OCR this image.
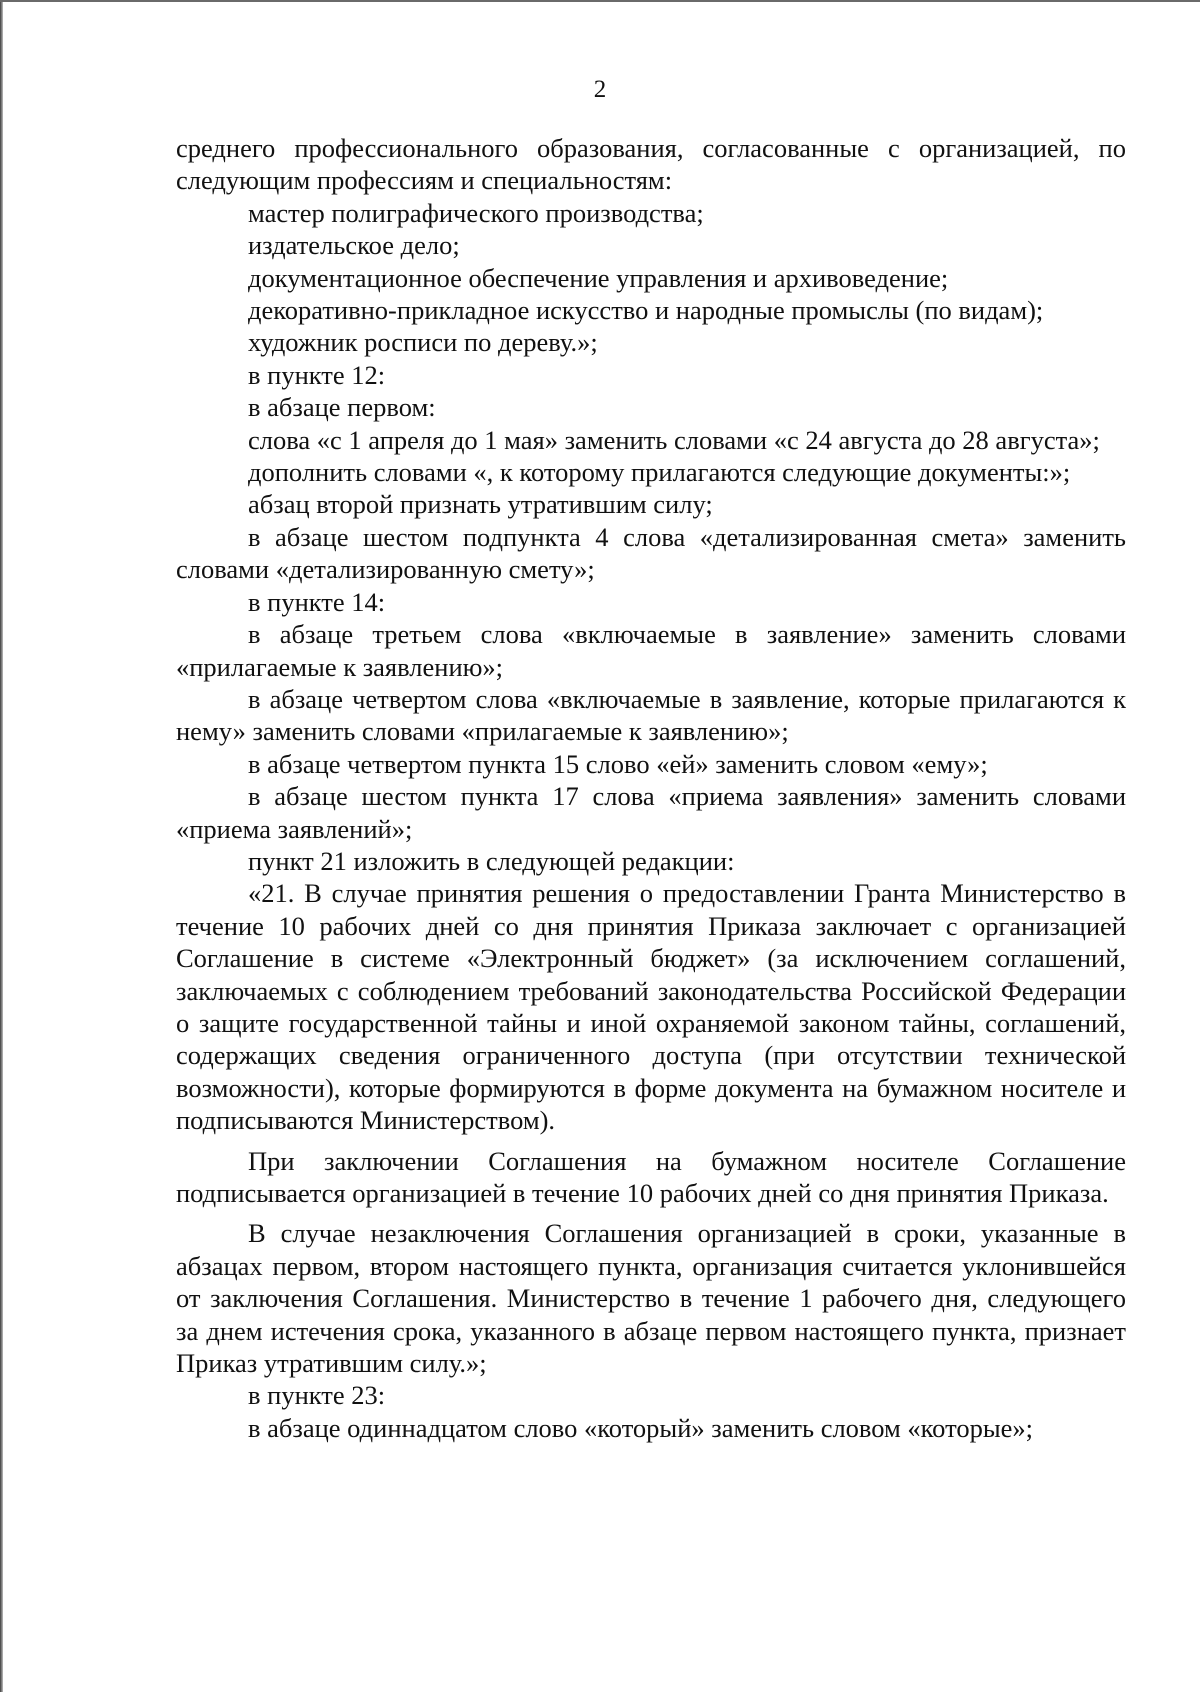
2

среднего профессионального образования, согласованные с организацией, по следующим профессиям и специальностям:

мастер полиграфического производства;

издательское дело;

документационное обеспечение управления и архивоведение;

декоративно-прикладное искусство и народные промыслы (по видам);

художник росписи по дереву.»;

в пункте 12:

в абзаце первом:

слова «с 1 апреля до 1 мая» заменить словами «с 24 августа до 28 августа»;

дополнить словами «, к которому прилагаются следующие документы:»;

абзац второй признать утратившим силу;

в абзаце шестом подпункта 4 слова «детализированная смета» заменить словами «детализированную смету»;

в пункте 14:

в абзаце третьем слова «включаемые в заявление» заменить словами «прилагаемые к заявлению»;

в абзаце четвертом слова «включаемые в заявление, которые прилагаются к нему» заменить словами «прилагаемые к заявлению»;

в абзаце четвертом пункта 15 слово «ей» заменить словом «ему»;

в абзаце шестом пункта 17 слова «приема заявления» заменить словами «приема заявлений»;

пункт 21 изложить в следующей редакции:

«21. В случае принятия решения о предоставлении Гранта Министерство в течение 10 рабочих дней со дня принятия Приказа заключает с организацией Соглашение в системе «Электронный бюджет» (за исключением соглашений, заключаемых с соблюдением требований законодательства Российской Федерации о защите государственной тайны и иной охраняемой законом тайны, соглашений, содержащих сведения ограниченного доступа (при отсутствии технической возможности), которые формируются в форме документа на бумажном носителе и подписываются Министерством).

При заключении Соглашения на бумажном носителе Соглашение подписывается организацией в течение 10 рабочих дней со дня принятия Приказа.

В случае незаключения Соглашения организацией в сроки, указанные в абзацах первом, втором настоящего пункта, организация считается уклонившейся от заключения Соглашения. Министерство в течение 1 рабочего дня, следующего за днем истечения срока, указанного в абзаце первом настоящего пункта, признает Приказ утратившим силу.»;

в пункте 23:

в абзаце одиннадцатом слово «который» заменить словом «которые»;
